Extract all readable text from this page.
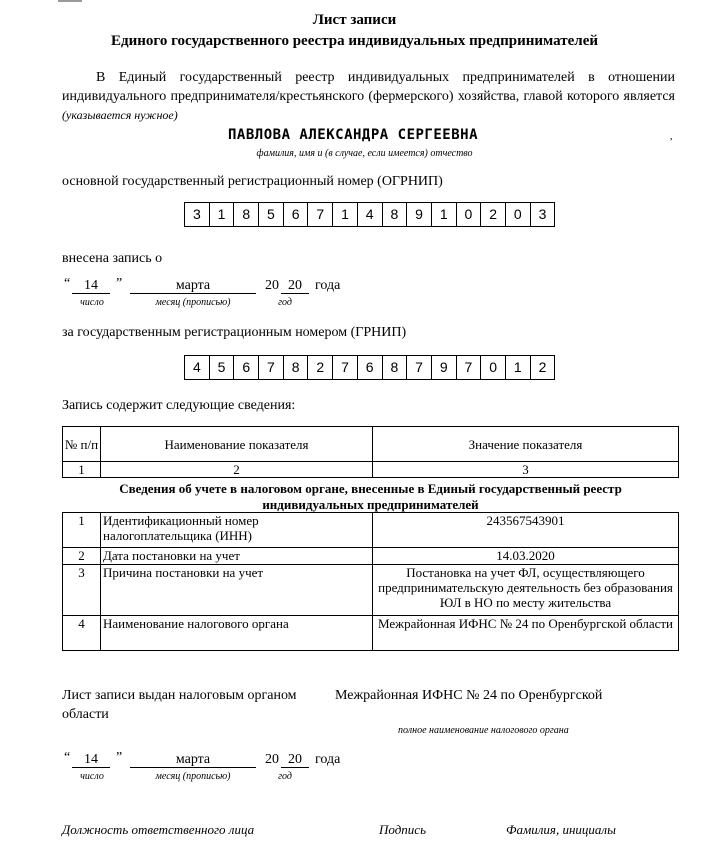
Лист записи
Единого государственного реестра индивидуальных предпринимателей
В Единый государственный реестр индивидуальных предпринимателей в отношении индивидуального предпринимателя/крестьянского (фермерского) хозяйства, главой которого является (указывается нужное)
ПАВЛОВА АЛЕКСАНДРА СЕРГЕЕВНА	,
фамилия, имя и (в случае, если имеется) отчество
основной государственный регистрационный номер (ОГРНИП)
3	1	8	5	6	7	1	4	8	9	1	0	2	0	3
внесена запись о
“ 14	”	марта	20 20 года
число	месяц (прописью)	год
за государственным регистрационным номером (ГРНИП)
4	5	6	7	8	2	7	6	8	7	9	7	0	1	2
Запись содержит следующие сведения:
№ п/п	Наименование показателя	Значение показателя
1	2	3
Сведения об учете в налоговом органе, внесенные в Единый государственный реестр индивидуальных предпринимателей
1	Идентификационный номер налогоплательщика (ИНН)	243567543901
2	Дата постановки на учет	14.03.2020
3	Причина постановки на учет	Постановка на учет ФЛ, осуществляющего предпринимательскую деятельность без образования ЮЛ в НО по месту жительства
4	Наименование налогового органа	Межрайонная ИФНС № 24 по Оренбургской области
Лист записи выдан налоговым органом	Межрайонная ИФНС № 24 по Оренбургской
области
полное наименование налогового органа
“ 14	”	марта	20 20 года
число	месяц (прописью)	год
Должность ответственного лица	Подпись	Фамилия, инициалы
